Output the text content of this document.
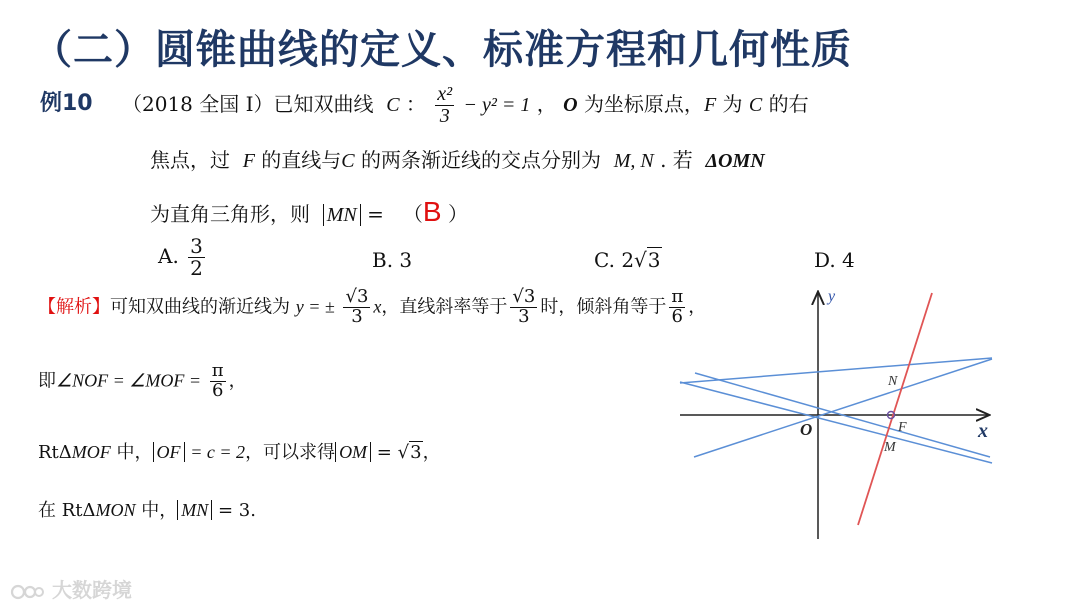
（二）圆锥曲线的定义、标准方程和几何性质
例10 （2018 全国 I）已知双曲线 C ： $\frac{\text{x²}}{3} - y^2 = 1$ ， O 为坐标原点，F 为 C 的右
焦点，过 F 的直线与C 的两条渐近线的交点分别为 M, N . 若 ΔOMN
为直角三角形，则 MN =   （B ）
A. $\frac{3}{2}$	B. 3	C. 2√3	D. 4
【解析】可知双曲线的渐近线为 y = ± $\frac{√3}{3}$ x，直线斜率等于 $\frac{√3}{3}$ 时，倾斜角等于 $\frac{\pi}{6}$ ，
即∠NOF = ∠MOF = $\frac{\pi}{6}$ ，
RtΔMOF 中， OF = c = 2，可以求得 OM = √3，
在 RtΔMON 中， MN = 3.
y
x
O
N
F
M
大数跨境
